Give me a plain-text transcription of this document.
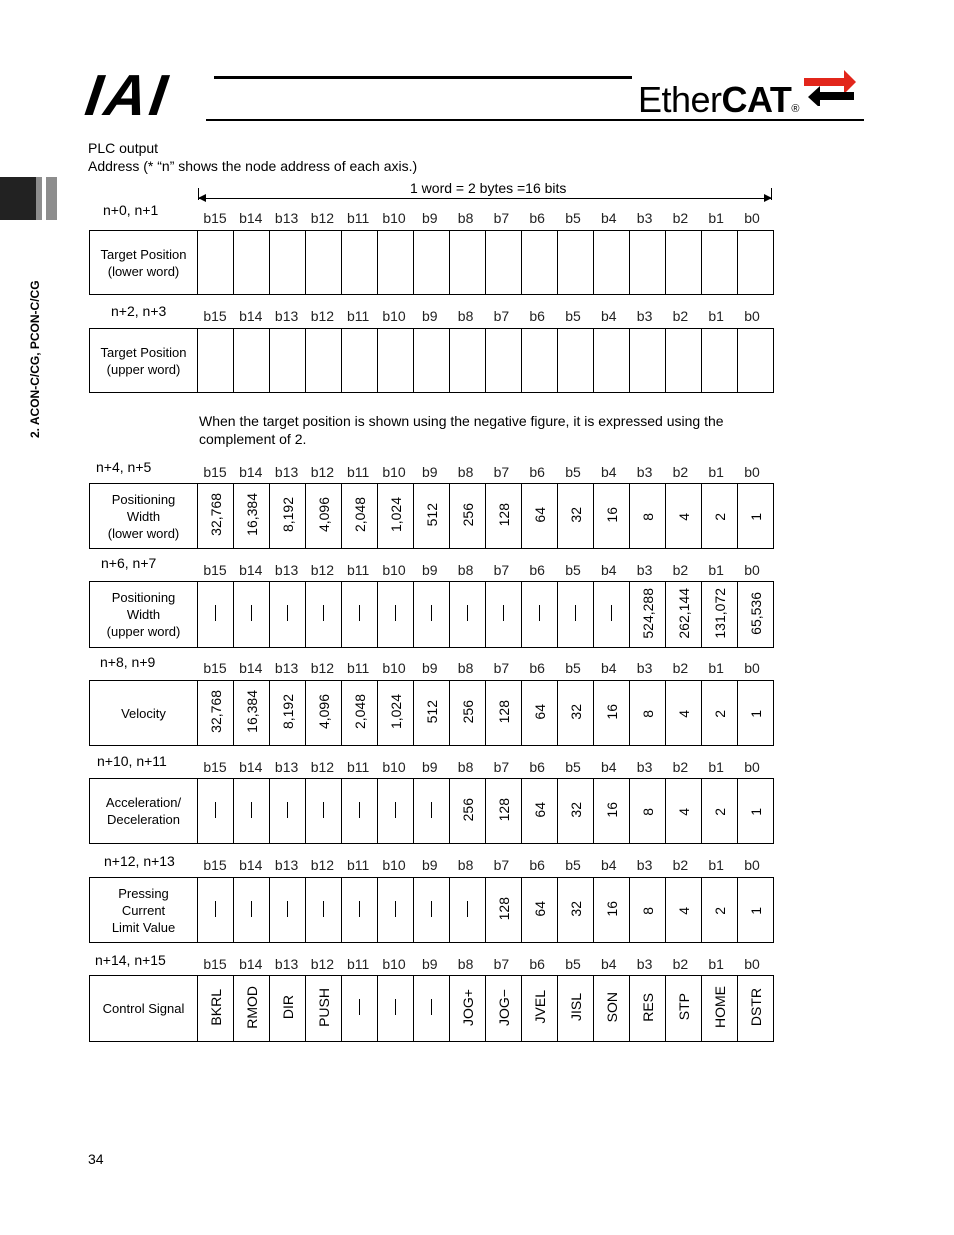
IAI	EtherCAT®
2. ACON-C/CG, PCON-C/CG
PLC output
Address (* “n” shows the node address of each axis.)
1 word = 2 bytes =16 bits
When the target position is shown using the negative figure, it is expressed using the
complement of 2.
n+0, n+1	b15 b14 b13 b12 b11 b10	b9	b8	b7	b6	b5	b4	b3	b2	b1	b0
Target Position
(lower word)																
n+2, n+3	b15 b14 b13 b12 b11 b10	b9	b8	b7	b6	b5	b4	b3	b2	b1	b0
Target Position
(upper word)																
n+4, n+5	b15 b14 b13 b12 b11 b10	b9	b8	b7	b6	b5	b4	b3	b2	b1	b0
Positioning
Width
(lower word)	32,768	16,384	8,192	4,096	2,048	1,024	512	256	128	64	32	16	8	4	2	1
n+6, n+7	b15 b14 b13 b12 b11 b10	b9	b8	b7	b6	b5	b4	b3	b2	b1	b0
Positioning
Width
(upper word)													524,288	262,144	131,072	65,536
n+8, n+9	b15 b14 b13 b12 b11 b10	b9	b8	b7	b6	b5	b4	b3	b2	b1	b0
Velocity	32,768	16,384	8,192	4,096	2,048	1,024	512	256	128	64	32	16	8	4	2	1
n+10, n+11	b15 b14 b13 b12 b11 b10	b9	b8	b7	b6	b5	b4	b3	b2	b1	b0
Acceleration/
Deceleration								256	128	64	32	16	8	4	2	1
n+12, n+13	b15 b14 b13 b12 b11 b10	b9	b8	b7	b6	b5	b4	b3	b2	b1	b0
Pressing
Current
Limit Value									128	64	32	16	8	4	2	1
n+14, n+15	b15 b14 b13 b12 b11 b10	b9	b8	b7	b6	b5	b4	b3	b2	b1	b0
Control Signal	BKRL	RMOD	DIR	PUSH				JOG+	JOG−	JVEL	JISL	SON	RES	STP	HOME	DSTR
34
